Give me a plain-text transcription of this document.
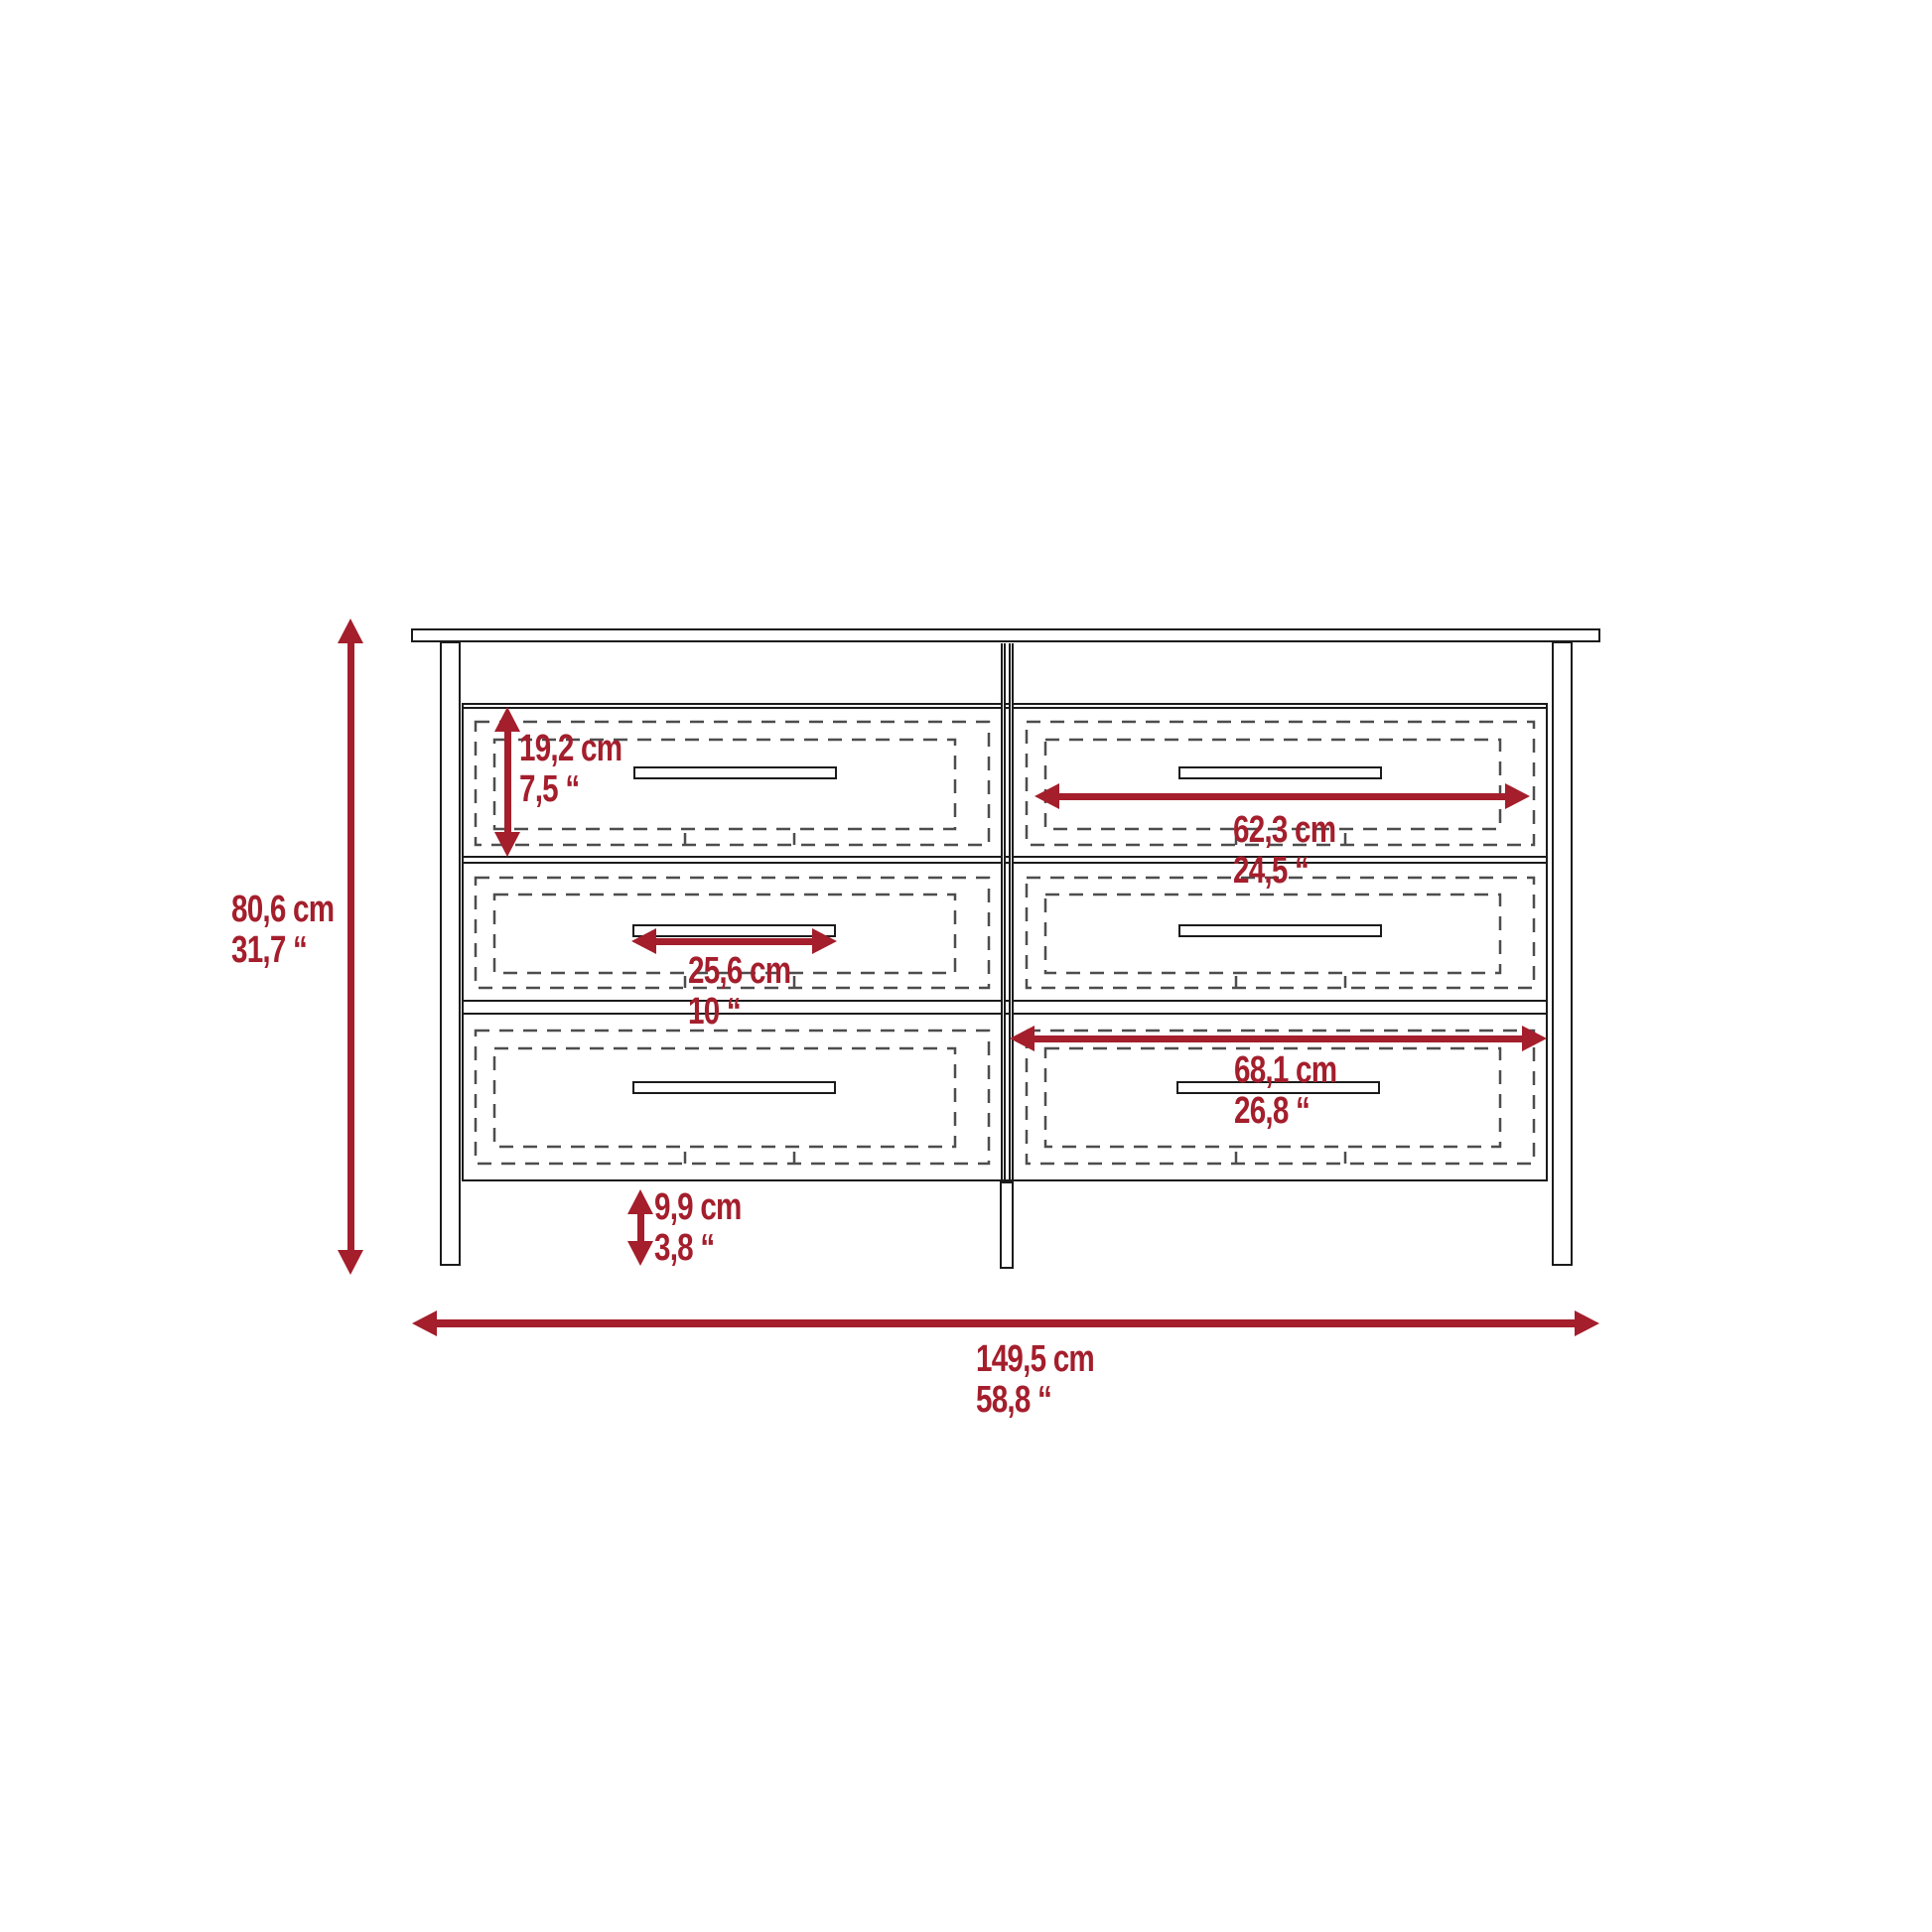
80,6 cm
31,7 “
19,2 cm
7,5 “
62,3 cm
24,5 “
25,6 cm
10 “
68,1 cm
26,8 “
9,9 cm
3,8 “
149,5 cm
58,8 “
